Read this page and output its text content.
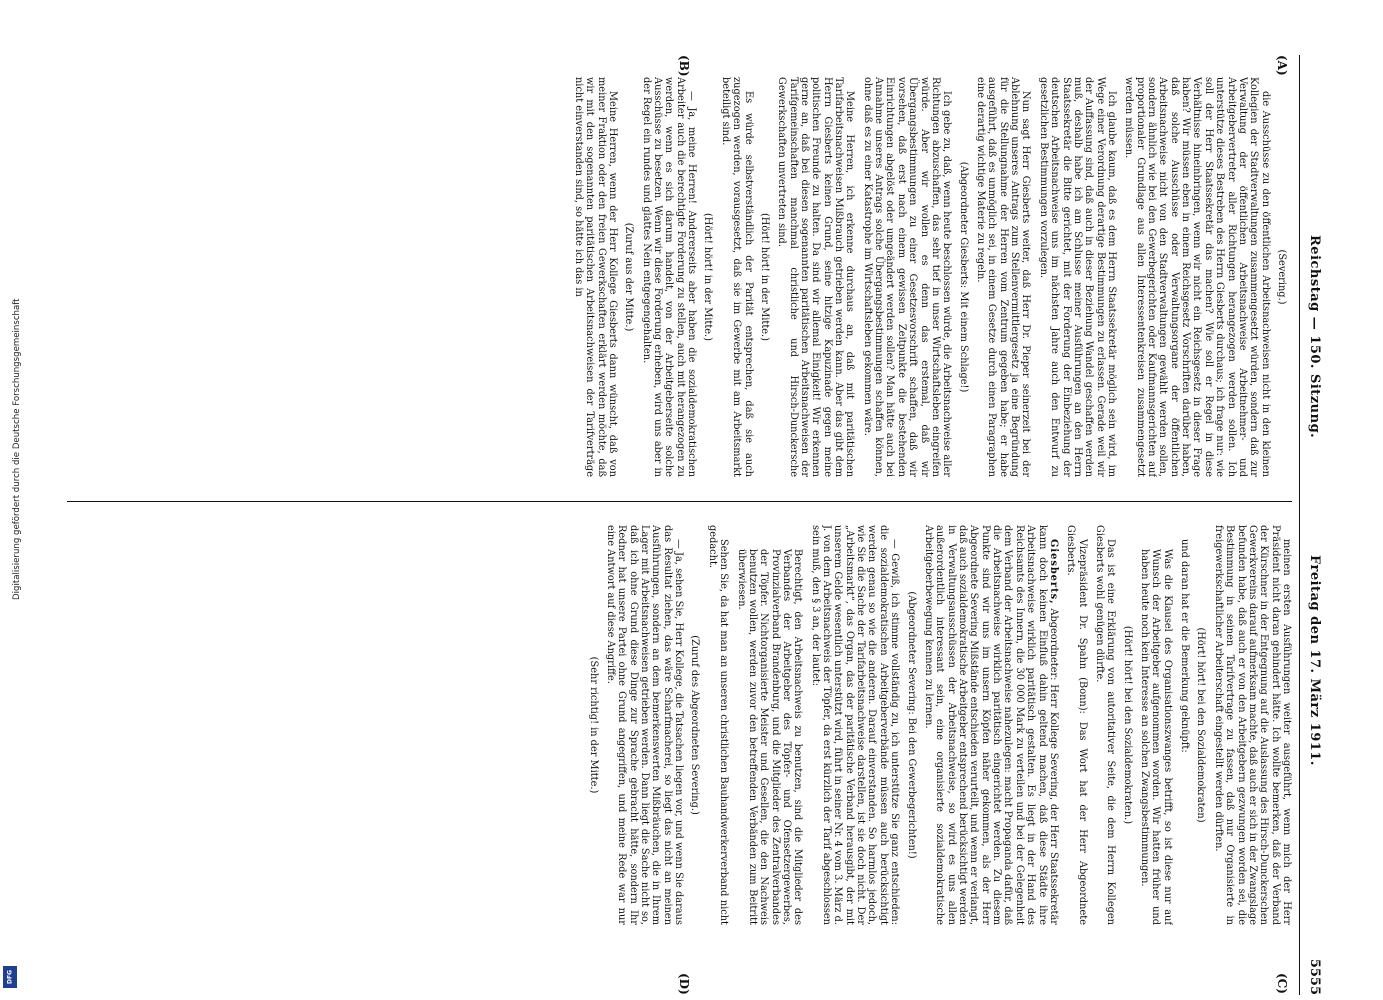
Reichstag — 150. Sitzung.
Freitag den 17. März 1911.
5555
(A)
(B)
(C)
(D)

(Severing.)

die Ausschüsse zu den öffentlichen Arbeitsnachweisen nicht in den kleinen Kollegien der Stadtverwaltungen zusammengesetzt würden, sondern daß zur Verwaltung der öffentlichen Arbeitsnachweise Arbeitnehmer- und Arbeitgebervertreter aller Richtungen herangezogen werden sollen. Ich unterstütze dieses Bestreben des Herrn Giesberts durchaus; ich frage nur: wie soll der Herr Staatssekretär das machen? Wie soll er Regel in diese Verhältnisse hineinbringen, wenn wir nicht ein Reichsgesetz in dieser Frage haben? Wir müssen eben in einem Reichsgesetz Vorschriften darüber haben, daß solche Ausschüsse oder Verwaltungsorgane der öffentlichen Arbeitsnachweise nicht von den Stadtverwaltungen gewählt werden sollen, sondern ähnlich wie bei den Gewerbegerichten oder Kaufmannsgerichten auf proportionaler Grundlage aus allen Interessentenkreisen zusammengesetzt werden müssen.

Ich glaube kaum, daß es dem Herrn Staatssekretär möglich sein wird, im Wege einer Verordnung derartige Bestimmungen zu erlassen. Gerade weil wir der Auffassung sind, daß auch in dieser Beziehung Wandel geschaffen werden muß, deshalb habe ich am Schlusse meiner Ausführungen an den Herrn Staatssekretär die Bitte gerichtet, mit der Forderung der Einbeziehung der deutschen Arbeitsnachweise uns im nächsten Jahre auch den Entwurf zu gesetzlichen Bestimmungen vorzulegen.

Nun sagt Herr Giesberts weiter, daß Herr Dr. Pieper seinerzeit bei der Ablehnung unseres Antrags zum Stellenvermittlergesetz ja eine Begründung für die Stellungnahme der Herren vom Zentrum gegeben habe; er habe ausgeführt, daß es unmöglich sei, in einem Gesetze durch einen Paragraphen eine derartig wichtige Materie zu regeln.

(Abgeordneter Giesberts: Mit einem Schlage!)

Ich gebe zu, daß, wenn heute beschlossen würde, die Arbeitsnachweise aller Richtungen abzuschaffen, das sehr tief in unser Wirtschaftsleben eingreifen würde. Aber wir wollen es denn das erstemal, daß wir Übergangsbestimmungen zu einer Gesetzesvorschrift schaffen, daß wir vorsehen, daß erst nach einem gewissen Zeitpunkte die bestehenden Einrichtungen abgelöst oder umgeändert werden sollen? Man hätte auch bei Annahme unseres Antrags solche Übergangsbestimmungen schaffen können, ohne daß es zu einer Katastrophe im Wirtschaftsleben gekommen wäre.

Meine Herren, ich erkenne durchaus an, daß mit paritätischen Tarifarbeitsnachweisen Mißbrauch getrieben werden kann. Aber das gibt dem Herrn Giesberts keinen Grund, seine hitzige Kapuzinade gegen meine politischen Freunde zu halten. Da sind wir allemal Einigkeit! Wir erkennen gerne an, daß bei diesen sogenannten paritätischen Arbeitsnachweisen der Tarifgemeinschaften manchmal christliche und Hirsch-Dunckersche Gewerkschaften unvertreten sind.

(Hört! hört! in der Mitte.)

Es würde selbstverständlich der Parität entsprechen, daß sie auch zugezogen werden, vorausgesetzt, daß sie im Gewerbe mit am Arbeitsmarkt beteiligt sind.

(Hört! hört! in der Mitte.)

— Ja, meine Herren! Andererseits aber haben die sozialdemokratischen Arbeiter auch die berechtigte Forderung zu stellen, auch mit herangezogen zu werden, wenn es sich darum handelt, von der Arbeitgeberseite solche Ausschüsse zu besetzen. Wenn wir diese Forderung erheben, wird uns aber in der Regel ein rundes und glattes Nein entgegengehalten.

(Zuruf aus der Mitte.)

Meine Herren, wenn der Herr Kollege Giesberts dann wünscht, daß von meiner Fraktion oder den freien Gewerkschaften erklärt werden möchte, daß wir mit den sogenannten paritätischen Arbeitsnachweisen der Tarifverträge nicht einverstanden sind, so hätte ich das in

meinen ersten Ausführungen weiter ausgeführt, wenn mich der Herr Präsident nicht daran gehindert hätte. Ich wollte bemerken, daß der Verband der Kürschner in der Entgegnung auf die Auslassung des Hirsch-Dunckerschen Gewerkvereins darauf aufmerksam machte, daß auch er sich in der Zwangslage befunden habe, daß auch er von den Arbeitgebern gezwungen worden sei, die Bestimmung in seinen Tarifvertrage zu fassen, daß nur Organisierte in freigewerkschaftlicher Arbeiterschaft eingestellt werden dürften.

(Hört! hört! bei den Sozialdemokraten)

und daran hat er die Bemerkung geknüpft:

Was die Klausel des Organisationszwanges betrifft, so ist diese nur auf Wunsch der Arbeitgeber aufgenommen worden. Wir hatten früher und haben heute noch kein Interesse an solchen Zwangsbestimmungen.

(Hört! hört! bei den Sozialdemokraten.)

Das ist eine Erklärung von autoritativer Seite, die dem Herrn Kollegen Giesberts wohl genügen dürfte.

Vizepräsident Dr. Spahn (Bonn): Das Wort hat der Herr Abgeordnete Giesberts.

Giesberts, Abgeordneter: Herr Kollege Severing, der Herr Staatssekretär kann doch keinen Einfluß dahin geltend machen, daß diese Städte ihre Arbeitsnachweise wirklich paritätisch gestalten. Es liegt in der Hand des Reichsamts des Innern, die 30 000 Mark zu verteilen und bei der Gelegenheit dem Verband der Arbeitsnachweise nahezulegen: macht Propaganda dafür, daß die Arbeitsnachweise wirklich paritätisch eingerichtet werden. Zu diesem Punkte sind wir uns im unsern Köpfen näher gekommen, als der Herr Abgeordnete Severing Mißstände entschieden verurteilt, und wenn er verlangt, daß auch sozialdemokratische Arbeitgeber entsprechend berücksichtigt werden in Verwaltungsausschüssen der Arbeitsnachweise, so wird es uns allen außerordentlich interessant sein, eine organisierte sozialdemokratische Arbeitgeberbewegung kennen zu lernen.

(Abgeordneter Severing: Bei den Gewerbegerichten!)

— Gewiß, ich stimme vollständig zu, ich unterstütze Sie ganz entschieden: die sozialdemokratischen Arbeitgeberverbände müssen auch berücksichtigt werden genau so wie die anderen. Darauf einverstanden. So harmlos jedoch, wie Sie die Sache der Tarifarbeitsnachweise darstellen, ist sie doch nicht. Der „Arbeitsmarkt“, das Organ, das der paritätische Verband herausgibt, der mit unserem Gelde wesentlich unterstützt wird, führt in seiner Nr. 4 vom 3. März d. J. von dem Arbeitsnachweis der Töpfer, da erst kürzlich der Tarif abgeschlossen sein muß, den § 3 an, der lautet:

Berechtigt, den Arbeitsnachweis zu benutzen, sind die Mitglieder des Verbandes der Arbeitgeber des Töpfer- und Ofensetzergewerbes, Provinzialverband Brandenburg, und die Mitglieder des Zentralverbandes der Töpfer. Nichtorganisierte Meister und Gesellen, die den Nachweis benutzen wollen, werden zuvor den betreffenden Verbänden zum Beitritt überwiesen.

Sehen Sie, da hat man an unseren christlichen Bauhandwerkerverband nicht gedacht.

(Zuruf des Abgeordneten Severing.)

— Ja, sehen Sie, Herr Kollege, die Tatsachen liegen vor, und wenn Sie daraus das Resultat ziehen, das wäre Scharfmacherei, so liegt das nicht an meinen Ausführungen, sondern an dem bemerkenswerten Mißbräuchen, die in Ihrem Lager mit Arbeitsnachweisen getrieben werden. Dann liegt die Sache nicht so, daß ich ohne Grund diese Dinge zur Sprache gebracht hätte, sondern Ihr Redner hat unsere Partei ohne Grund angegriffen, und meine Rede war nur eine Antwort auf diese Angriffe.

(Sehr richtig! in der Mitte.)

Digitalisierung gefördert durch die Deutsche Forschungsgemeinschaft
DFG
